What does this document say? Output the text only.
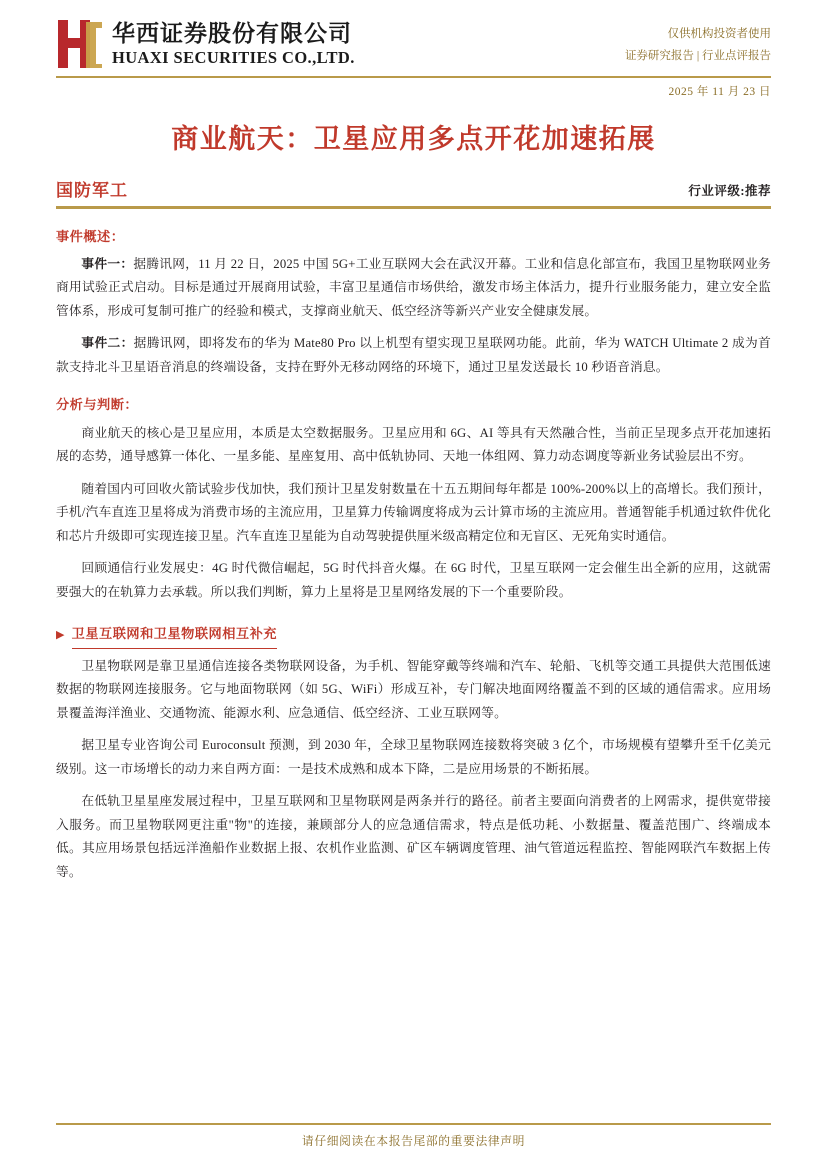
华西证券股份有限公司
HUAXI SECURITIES CO.,LTD.
仅供机构投资者使用
证券研究报告 | 行业点评报告
2025 年 11 月 23 日
商业航天：卫星应用多点开花加速拓展
国防军工	行业评级:推荐
事件概述：

事件一：据腾讯网，11 月 22 日，2025 中国 5G+工业互联网大会在武汉开幕。工业和信息化部宣布，我国卫星物联网业务商用试验正式启动。目标是通过开展商用试验，丰富卫星通信市场供给，激发市场主体活力，提升行业服务能力，建立安全监管体系，形成可复制可推广的经验和模式，支撑商业航天、低空经济等新兴产业安全健康发展。

事件二：据腾讯网，即将发布的华为 Mate80 Pro 以上机型有望实现卫星联网功能。此前，华为 WATCH Ultimate 2 成为首款支持北斗卫星语音消息的终端设备，支持在野外无移动网络的环境下，通过卫星发送最长 10 秒语音消息。

分析与判断：

商业航天的核心是卫星应用，本质是太空数据服务。卫星应用和 6G、AI 等具有天然融合性，当前正呈现多点开花加速拓展的态势，通导感算一体化、一星多能、星座复用、高中低轨协同、天地一体组网、算力动态调度等新业务试验层出不穷。

随着国内可回收火箭试验步伐加快，我们预计卫星发射数量在十五五期间每年都是 100%-200%以上的高增长。我们预计，手机/汽车直连卫星将成为消费市场的主流应用，卫星算力传输调度将成为云计算市场的主流应用。普通智能手机通过软件优化和芯片升级即可实现连接卫星。汽车直连卫星能为自动驾驶提供厘米级高精定位和无盲区、无死角实时通信。

回顾通信行业发展史：4G 时代微信崛起，5G 时代抖音火爆。在 6G 时代，卫星互联网一定会催生出全新的应用，这就需要强大的在轨算力去承载。所以我们判断，算力上星将是卫星网络发展的下一个重要阶段。

▶ 卫星互联网和卫星物联网相互补充

卫星物联网是靠卫星通信连接各类物联网设备，为手机、智能穿戴等终端和汽车、轮船、飞机等交通工具提供大范围低速数据的物联网连接服务。它与地面物联网（如 5G、WiFi）形成互补，专门解决地面网络覆盖不到的区域的通信需求。应用场景覆盖海洋渔业、交通物流、能源水利、应急通信、低空经济、工业互联网等。

据卫星专业咨询公司 Euroconsult 预测，到 2030 年，全球卫星物联网连接数将突破 3 亿个，市场规模有望攀升至千亿美元级别。这一市场增长的动力来自两方面：一是技术成熟和成本下降，二是应用场景的不断拓展。

在低轨卫星星座发展过程中，卫星互联网和卫星物联网是两条并行的路径。前者主要面向消费者的上网需求，提供宽带接入服务。而卫星物联网更注重"物"的连接，兼顾部分人的应急通信需求，特点是低功耗、小数据量、覆盖范围广、终端成本低。其应用场景包括远洋渔船作业数据上报、农机作业监测、矿区车辆调度管理、油气管道远程监控、智能网联汽车数据上传等。

请仔细阅读在本报告尾部的重要法律声明
